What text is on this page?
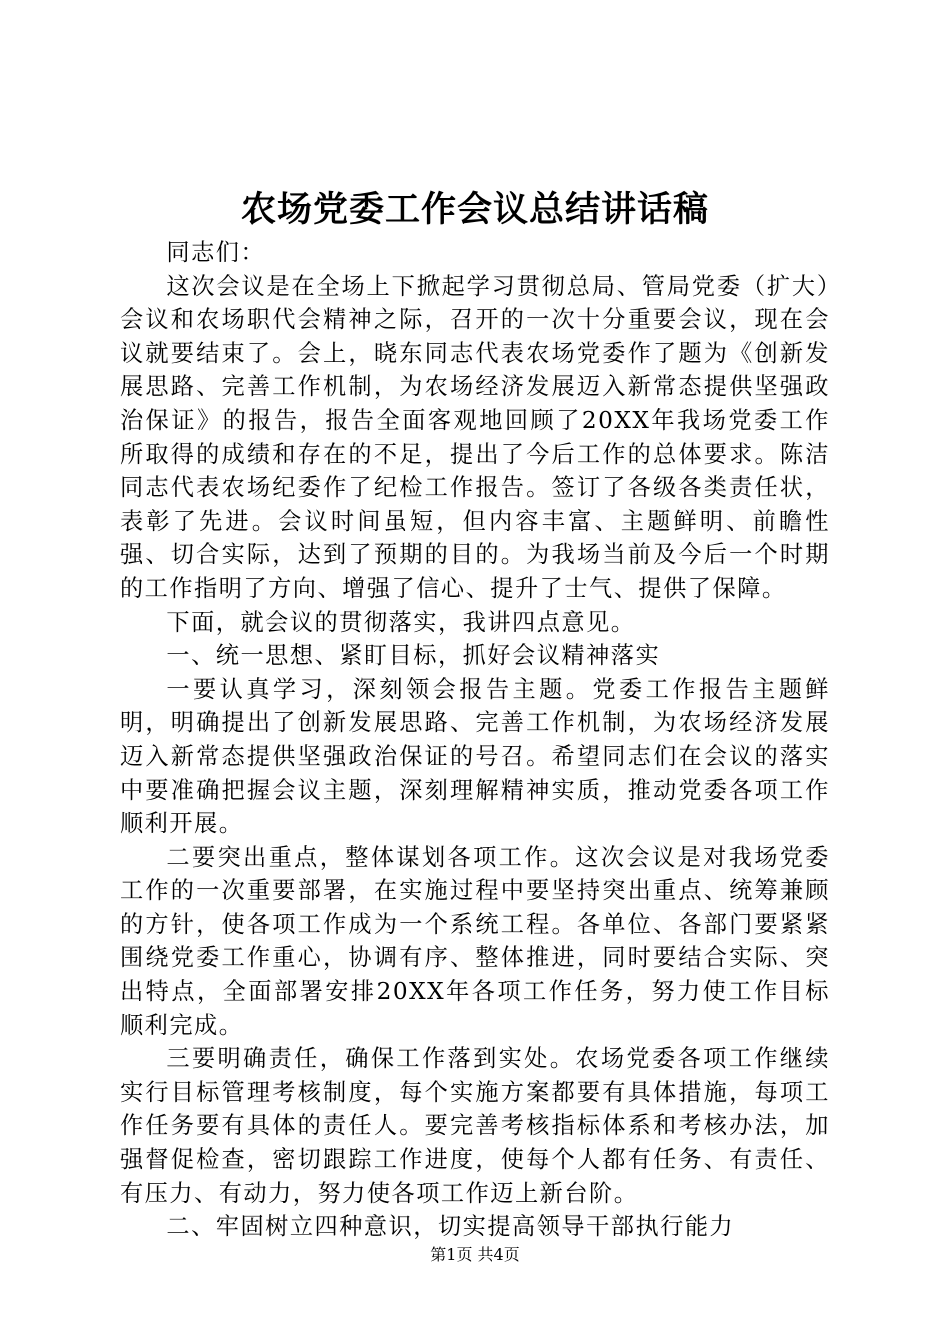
农场党委工作会议总结讲话稿

同志们：

这次会议是在全场上下掀起学习贯彻总局、管局党委（扩大）会议和农场职代会精神之际，召开的一次十分重要会议，现在会议就要结束了。会上，晓东同志代表农场党委作了题为《创新发展思路、完善工作机制，为农场经济发展迈入新常态提供坚强政治保证》的报告，报告全面客观地回顾了20XX年我场党委工作所取得的成绩和存在的不足，提出了今后工作的总体要求。陈洁同志代表农场纪委作了纪检工作报告。签订了各级各类责任状，表彰了先进。会议时间虽短，但内容丰富、主题鲜明、前瞻性强、切合实际，达到了预期的目的。为我场当前及今后一个时期的工作指明了方向、增强了信心、提升了士气、提供了保障。

下面，就会议的贯彻落实，我讲四点意见。

一、统一思想、紧盯目标，抓好会议精神落实

一要认真学习，深刻领会报告主题。党委工作报告主题鲜明，明确提出了创新发展思路、完善工作机制，为农场经济发展迈入新常态提供坚强政治保证的号召。希望同志们在会议的落实中要准确把握会议主题，深刻理解精神实质，推动党委各项工作顺利开展。

二要突出重点，整体谋划各项工作。这次会议是对我场党委工作的一次重要部署，在实施过程中要坚持突出重点、统筹兼顾的方针，使各项工作成为一个系统工程。各单位、各部门要紧紧围绕党委工作重心，协调有序、整体推进，同时要结合实际、突出特点，全面部署安排20XX年各项工作任务，努力使工作目标顺利完成。

三要明确责任，确保工作落到实处。农场党委各项工作继续实行目标管理考核制度，每个实施方案都要有具体措施，每项工作任务要有具体的责任人。要完善考核指标体系和考核办法，加强督促检查，密切跟踪工作进度，使每个人都有任务、有责任、有压力、有动力，努力使各项工作迈上新台阶。

二、牢固树立四种意识，切实提高领导干部执行能力

第1页 共4页
